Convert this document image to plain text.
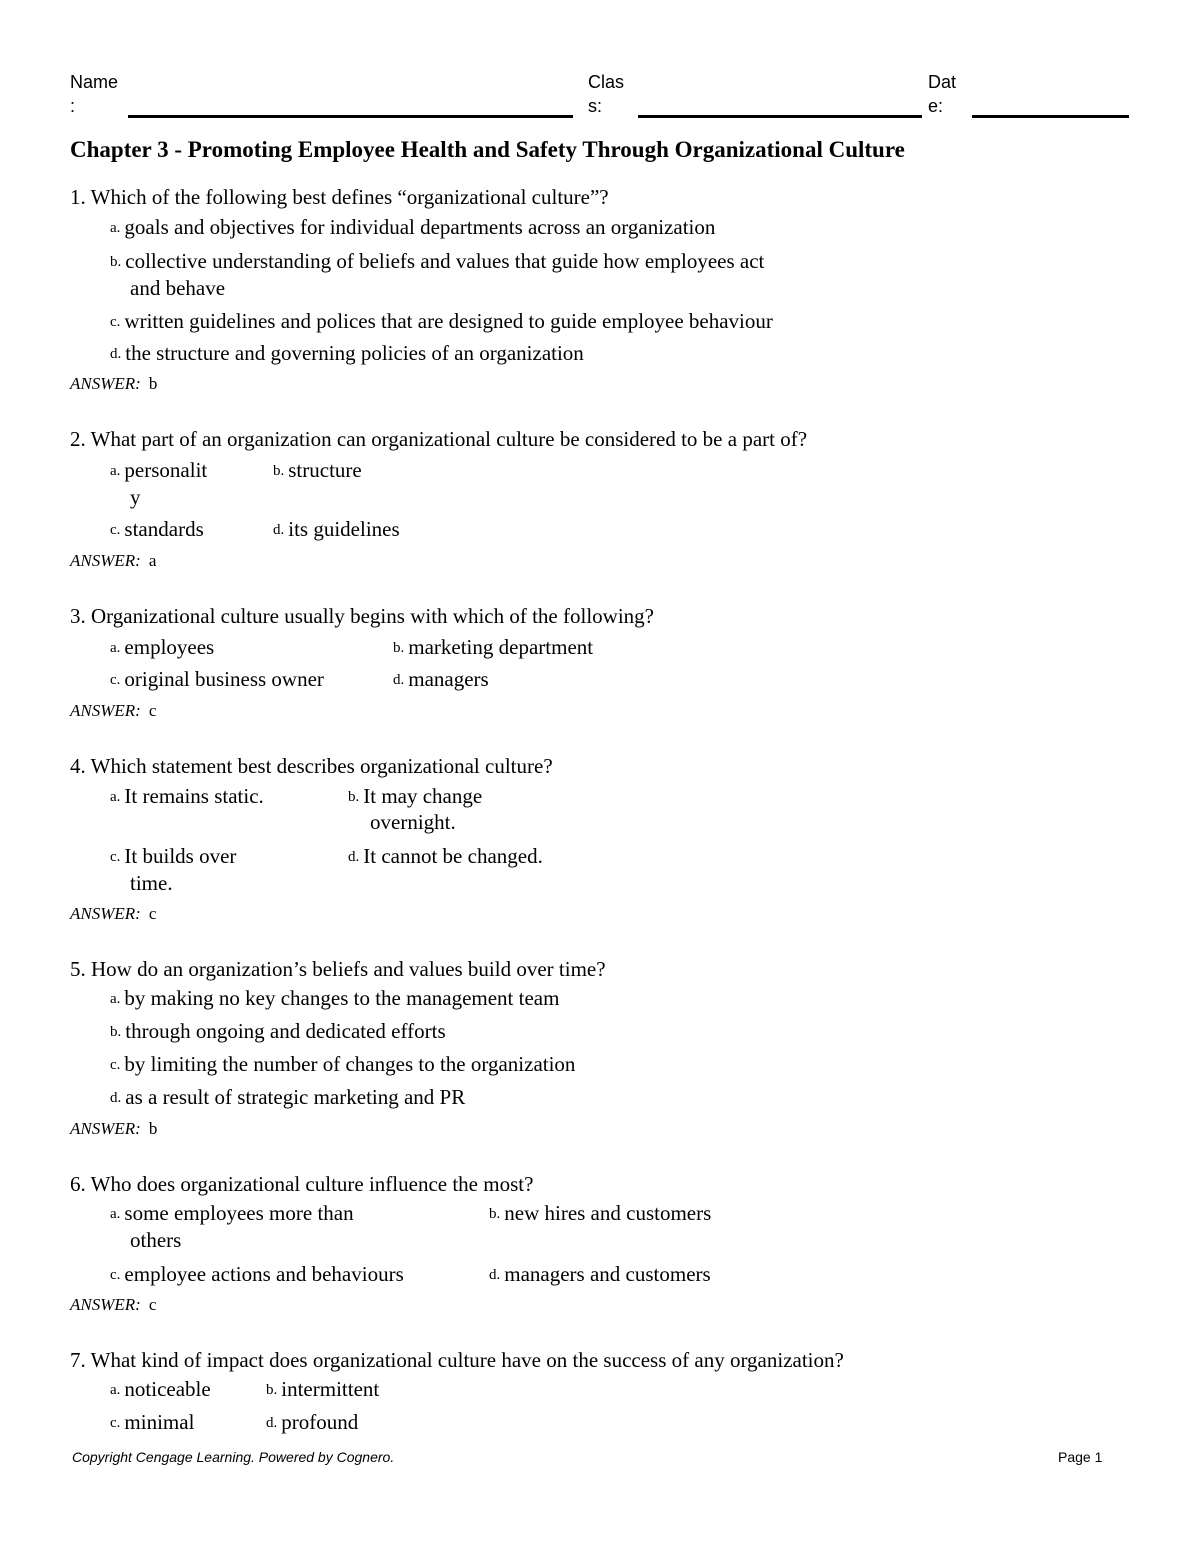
Name
:
Clas
s:
Dat
e:
Chapter 3 - Promoting Employee Health and Safety Through Organizational Culture
1. Which of the following best defines “organizational culture”?
a. goals and objectives for individual departments across an organization
b. collective understanding of beliefs and values that guide how employees act
and behave
c. written guidelines and polices that are designed to guide employee behaviour
d. the structure and governing policies of an organization
ANSWER: b
2. What part of an organization can organizational culture be considered to be a part of?
a. personalit
y
b. structure
c. standards	d. its guidelines
ANSWER: a
3. Organizational culture usually begins with which of the following?
a. employees	b. marketing department
c. original business owner	d. managers
ANSWER: c
4. Which statement best describes organizational culture?
a. It remains static.	b. It may change
overnight.
c. It builds over
time.
d. It cannot be changed.
ANSWER: c
5. How do an organization’s beliefs and values build over time?
a. by making no key changes to the management team
b. through ongoing and dedicated efforts
c. by limiting the number of changes to the organization
d. as a result of strategic marketing and PR
ANSWER: b
6. Who does organizational culture influence the most?
a. some employees more than
others
b. new hires and customers
c. employee actions and behaviours	d. managers and customers
ANSWER: c
7. What kind of impact does organizational culture have on the success of any organization?
a. noticeable	b. intermittent
c. minimal	d. profound
Copyright Cengage Learning. Powered by Cognero.	Page 1
